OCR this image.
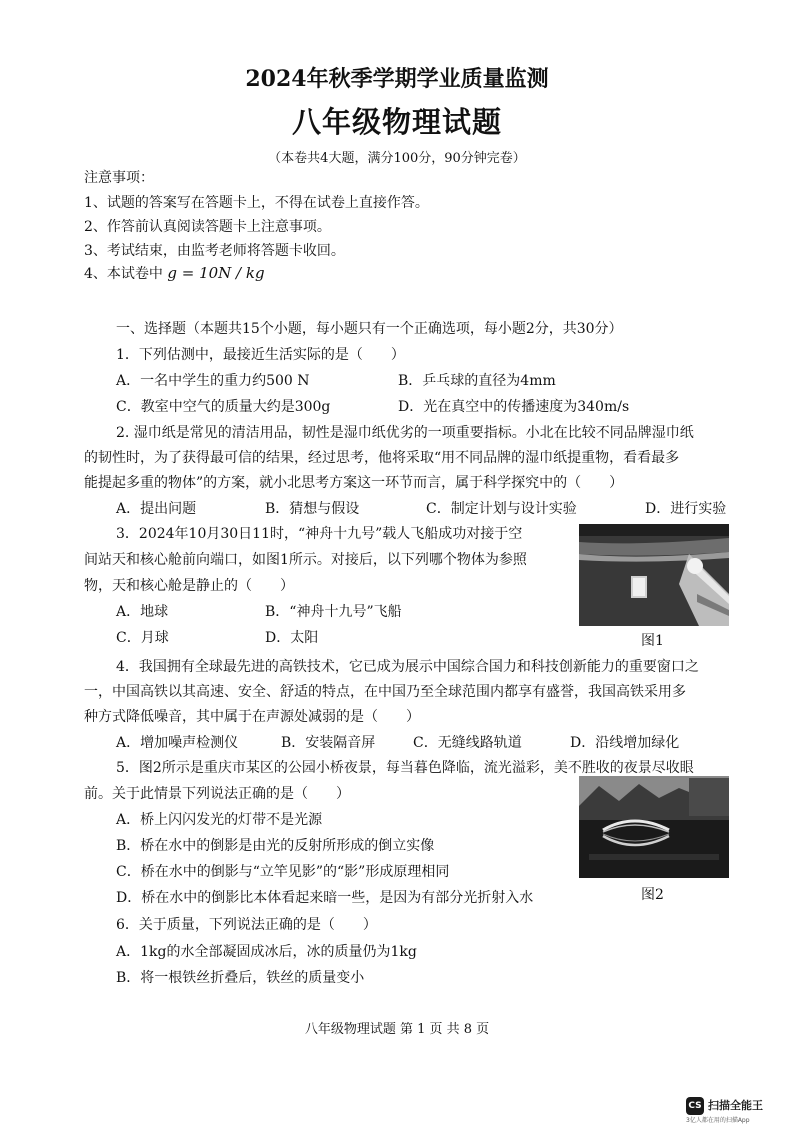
2024年秋季学期学业质量监测
八年级物理试题
（本卷共4大题，满分100分，90分钟完卷）
注意事项：
1、试题的答案写在答题卡上，不得在试卷上直接作答。
2、作答前认真阅读答题卡上注意事项。
3、考试结束，由监考老师将答题卡收回。
4、本试卷中 g = 10N / kg
一、选择题（本题共15个小题，每小题只有一个正确选项，每小题2分，共30分）
1．下列估测中，最接近生活实际的是（　　）
A．一名中学生的重力约500 N	B．乒乓球的直径为4mm
C．教室中空气的质量大约是300g	D．光在真空中的传播速度为340m/s
2. 湿巾纸是常见的清洁用品，韧性是湿巾纸优劣的一项重要指标。小北在比较不同品牌湿巾纸
的韧性时，为了获得最可信的结果，经过思考，他将采取“用不同品牌的湿巾纸提重物，看看最多
能提起多重的物体”的方案，就小北思考方案这一环节而言，属于科学探究中的（　　）
A．提出问题	B．猜想与假设	C．制定计划与设计实验	D．进行实验
3．2024年10月30日11时，“神舟十九号”载人飞船成功对接于空
间站天和核心舱前向端口，如图1所示。对接后，以下列哪个物体为参照
物，天和核心舱是静止的（　　）
A．地球	B．“神舟十九号”飞船
C．月球	D．太阳	图1
4．我国拥有全球最先进的高铁技术，它已成为展示中国综合国力和科技创新能力的重要窗口之
一，中国高铁以其高速、安全、舒适的特点，在中国乃至全球范围内都享有盛誉，我国高铁采用多
种方式降低噪音，其中属于在声源处减弱的是（　　）
A．增加噪声检测仪	B．安装隔音屏	C．无缝线路轨道	D．沿线增加绿化
5．图2所示是重庆市某区的公园小桥夜景，每当暮色降临，流光溢彩，美不胜收的夜景尽收眼
前。关于此情景下列说法正确的是（　　）
A．桥上闪闪发光的灯带不是光源
B．桥在水中的倒影是由光的反射所形成的倒立实像
C．桥在水中的倒影与“立竿见影”的“影”形成原理相同
D．桥在水中的倒影比本体看起来暗一些，是因为有部分光折射入水	图2
6．关于质量，下列说法正确的是（　　）
A．1kg的水全部凝固成冰后，冰的质量仍为1kg
B．将一根铁丝折叠后，铁丝的质量变小
八年级物理试题 第 1 页 共 8 页
CS 扫描全能王
3亿人都在用的扫描App
